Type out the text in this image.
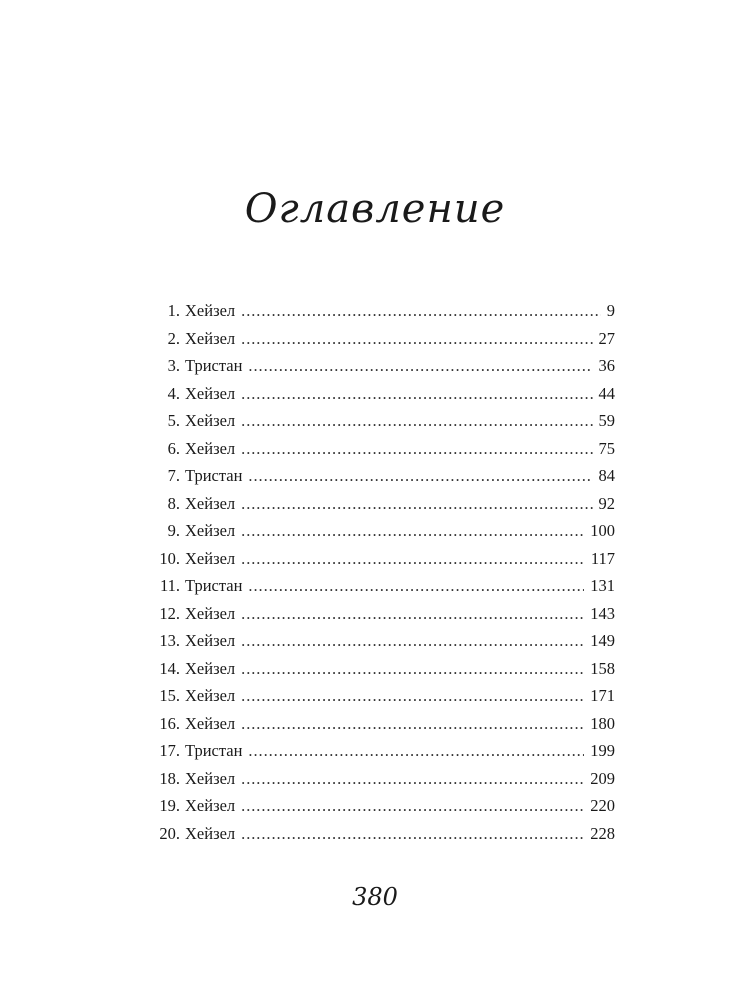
Оглавление
1. Хейзел . . .	9
2. Хейзел . . .	27
3. Тристан . . .	36
4. Хейзел . . .	44
5. Хейзел . . .	59
6. Хейзел . . .	75
7. Тристан . . .	84
8. Хейзел . . .	92
9. Хейзел . . .	100
10. Хейзел . . .	117
11. Тристан . . .	131
12. Хейзел . . .	143
13. Хейзел . . .	149
14. Хейзел . . .	158
15. Хейзел . . .	171
16. Хейзел . . .	180
17. Тристан . . .	199
18. Хейзел . . .	209
19. Хейзел . . .	220
20. Хейзел . . .	228
380
